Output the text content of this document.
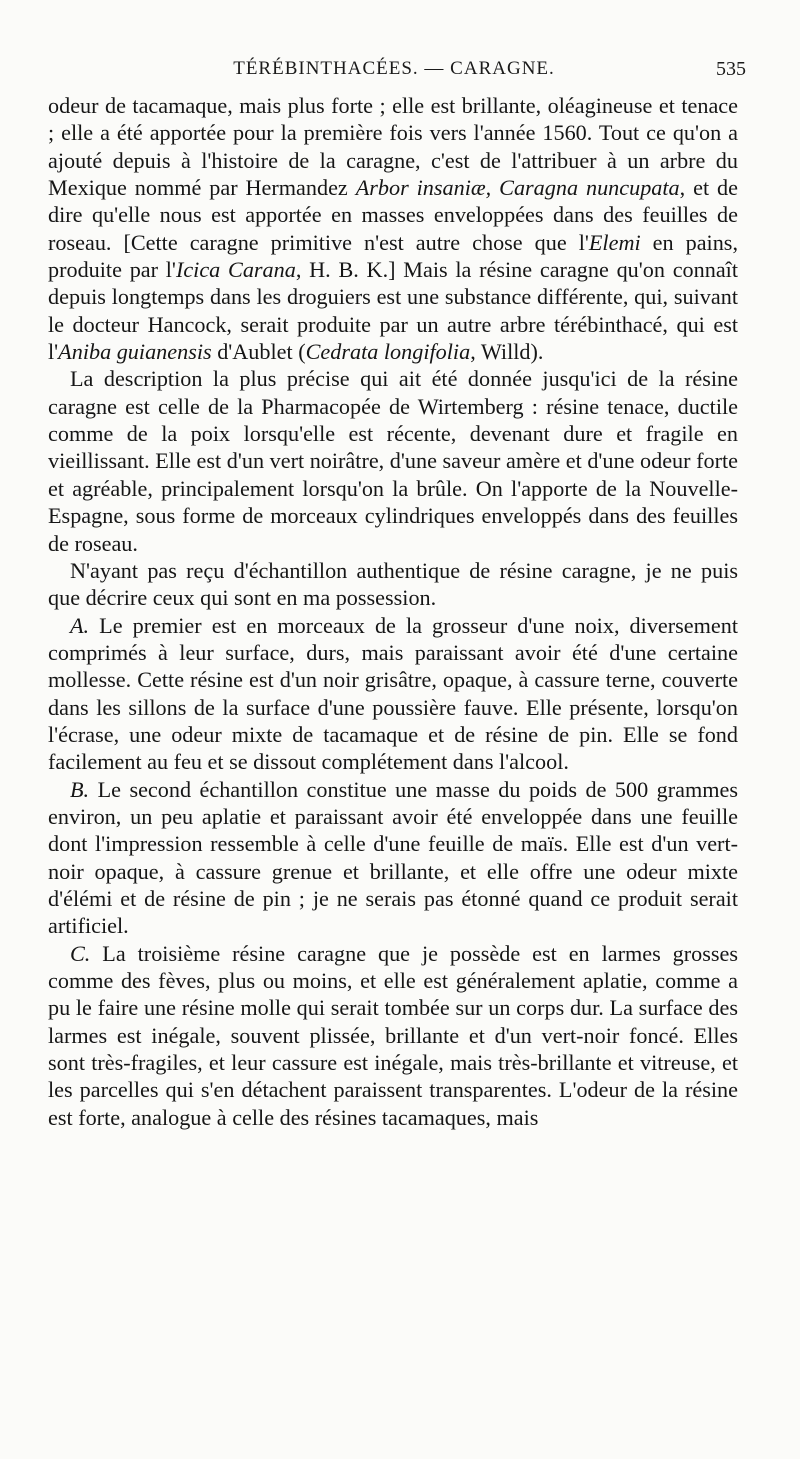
TÉRÉBINTHACÉES. — CARAGNE.	535

odeur de tacamaque, mais plus forte ; elle est brillante, oléagineuse et tenace ; elle a été apportée pour la première fois vers l'année 1560. Tout ce qu'on a ajouté depuis à l'histoire de la caragne, c'est de l'attribuer à un arbre du Mexique nommé par Hermandez Arbor insaniæ, Caragna nuncupata, et de dire qu'elle nous est apportée en masses enveloppées dans des feuilles de roseau. [Cette caragne primitive n'est autre chose que l'Elemi en pains, produite par l'Icica Carana, H. B. K.] Mais la résine caragne qu'on connaît depuis longtemps dans les droguiers est une substance différente, qui, suivant le docteur Hancock, serait produite par un autre arbre térébinthacé, qui est l'Aniba guianensis d'Aublet (Cedrata longifolia, Willd).

La description la plus précise qui ait été donnée jusqu'ici de la résine caragne est celle de la Pharmacopée de Wirtemberg : résine tenace, ductile comme de la poix lorsqu'elle est récente, devenant dure et fragile en vieillissant. Elle est d'un vert noirâtre, d'une saveur amère et d'une odeur forte et agréable, principalement lorsqu'on la brûle. On l'apporte de la Nouvelle-Espagne, sous forme de morceaux cylindriques enveloppés dans des feuilles de roseau.

N'ayant pas reçu d'échantillon authentique de résine caragne, je ne puis que décrire ceux qui sont en ma possession.

A. Le premier est en morceaux de la grosseur d'une noix, diversement comprimés à leur surface, durs, mais paraissant avoir été d'une certaine mollesse. Cette résine est d'un noir grisâtre, opaque, à cassure terne, couverte dans les sillons de la surface d'une poussière fauve. Elle présente, lorsqu'on l'écrase, une odeur mixte de tacamaque et de résine de pin. Elle se fond facilement au feu et se dissout complétement dans l'alcool.

B. Le second échantillon constitue une masse du poids de 500 grammes environ, un peu aplatie et paraissant avoir été enveloppée dans une feuille dont l'impression ressemble à celle d'une feuille de maïs. Elle est d'un vert-noir opaque, à cassure grenue et brillante, et elle offre une odeur mixte d'élémi et de résine de pin ; je ne serais pas étonné quand ce produit serait artificiel.

C. La troisième résine caragne que je possède est en larmes grosses comme des fèves, plus ou moins, et elle est généralement aplatie, comme a pu le faire une résine molle qui serait tombée sur un corps dur. La surface des larmes est inégale, souvent plissée, brillante et d'un vert-noir foncé. Elles sont très-fragiles, et leur cassure est inégale, mais très-brillante et vitreuse, et les parcelles qui s'en détachent paraissent transparentes. L'odeur de la résine est forte, analogue à celle des résines tacamaques, mais
